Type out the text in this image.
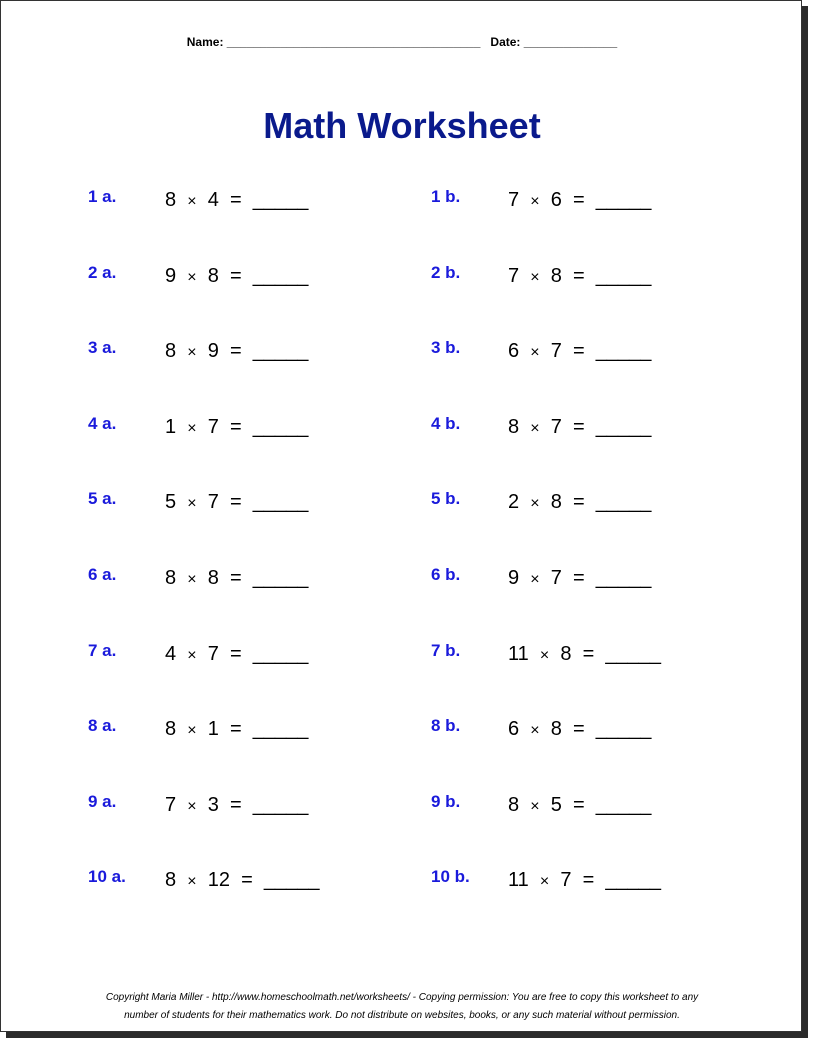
Name: ______________________________________ Date: ______________
Math Worksheet
1 a. 8 × 4 = _____
2 a. 9 × 8 = _____
3 a. 8 × 9 = _____
4 a. 1 × 7 = _____
5 a. 5 × 7 = _____
6 a. 8 × 8 = _____
7 a. 4 × 7 = _____
8 a. 8 × 1 = _____
9 a. 7 × 3 = _____
10 a. 8 × 12 = _____
1 b. 7 × 6 = _____
2 b. 7 × 8 = _____
3 b. 6 × 7 = _____
4 b. 8 × 7 = _____
5 b. 2 × 8 = _____
6 b. 9 × 7 = _____
7 b. 11 × 8 = _____
8 b. 6 × 8 = _____
9 b. 8 × 5 = _____
10 b. 11 × 7 = _____
Copyright Maria Miller - http://www.homeschoolmath.net/worksheets/ - Copying permission: You are free to copy this worksheet to any
number of students for their mathematics work. Do not distribute on websites, books, or any such material without permission.
